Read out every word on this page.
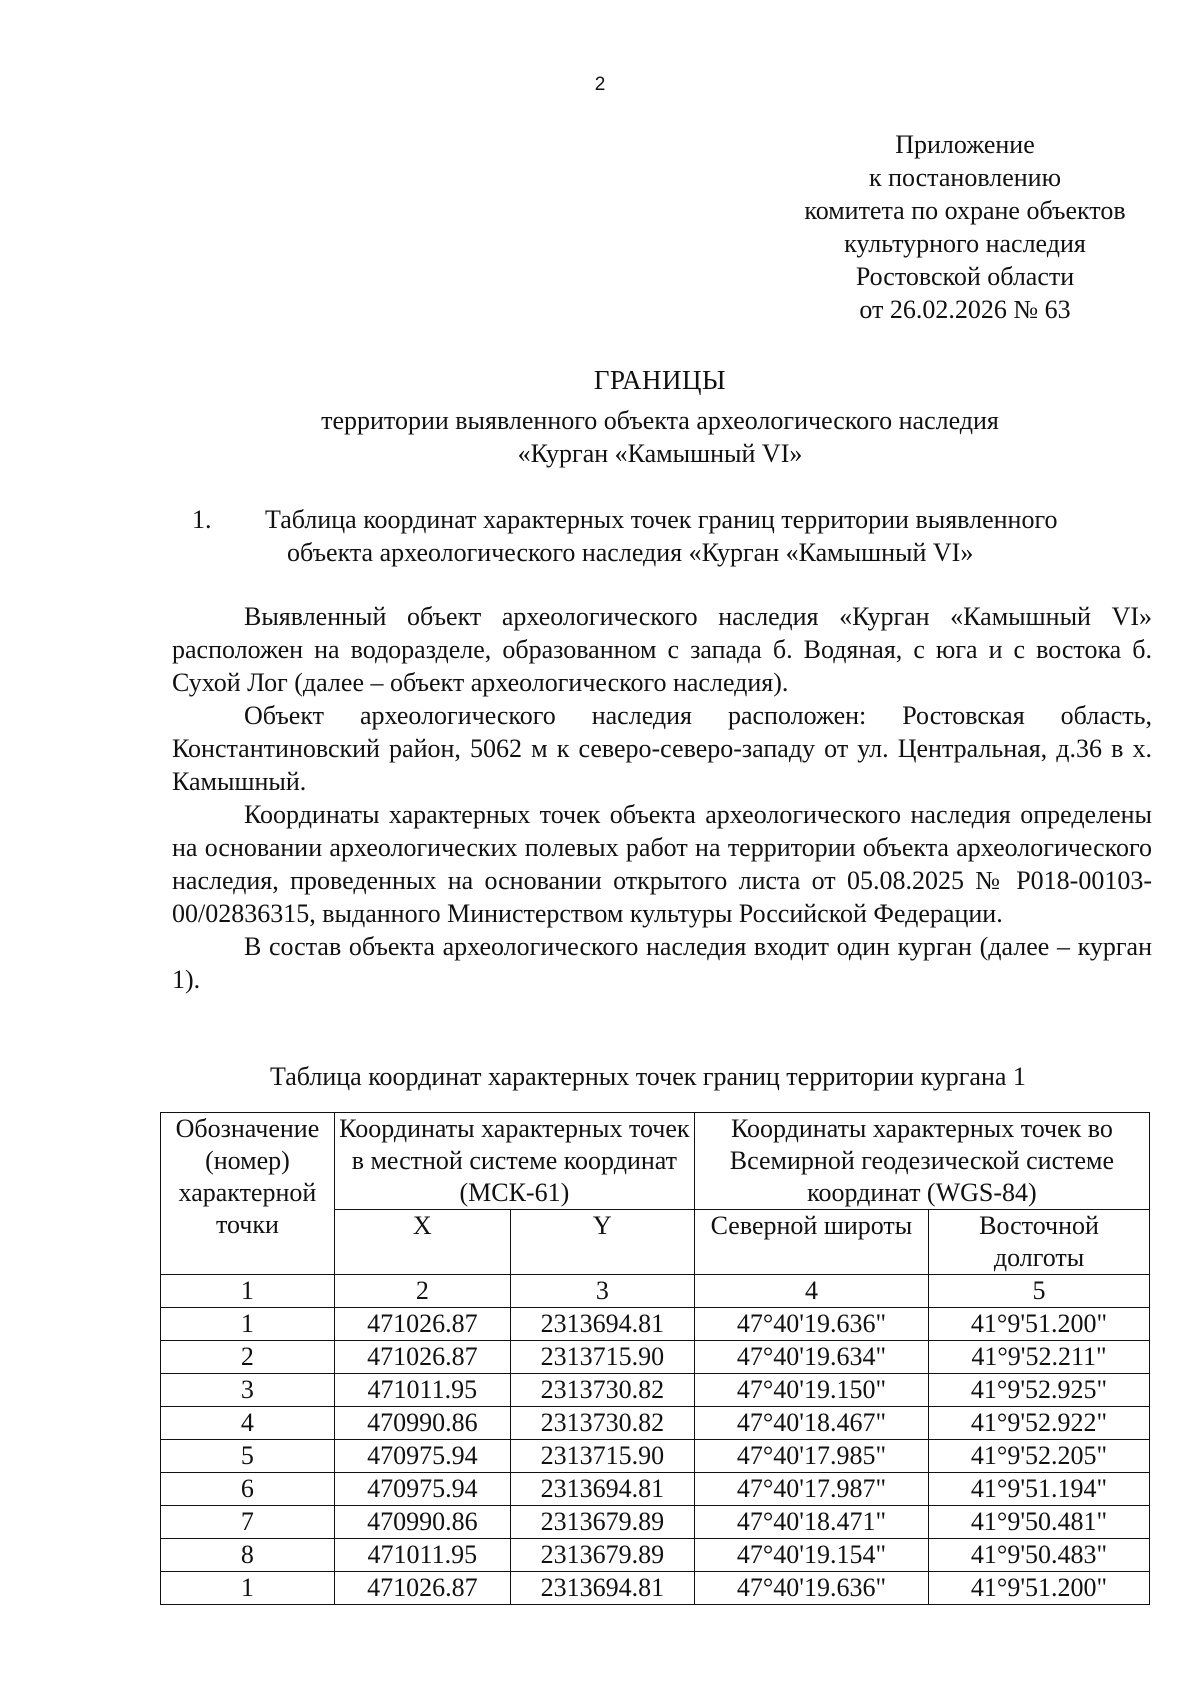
2
Приложение
к постановлению
комитета по охране объектов
культурного наследия
Ростовской области
от 26.02.2026 № 63
ГРАНИЦЫ
территории выявленного объекта археологического наследия
«Курган «Камышный VI»
1. Таблица координат характерных точек границ территории выявленного
объекта археологического наследия «Курган «Камышный VI»

Выявленный объект археологического наследия «Курган «Камышный VI» расположен на водоразделе, образованном с запада б. Водяная, с юга и с востока б. Сухой Лог (далее – объект археологического наследия).

Объект археологического наследия расположен: Ростовская область, Константиновский район, 5062 м к северо-северо-западу от ул. Центральная, д.36 в х. Камышный.

Координаты характерных точек объекта археологического наследия определены на основании археологических полевых работ на территории объекта археологического наследия, проведенных на основании открытого листа от 05.08.2025 № Р018-00103-00/02836315, выданного Министерством культуры Российской Федерации.

В состав объекта археологического наследия входит один курган (далее – курган 1).

Таблица координат характерных точек границ территории кургана 1
Обозначение (номер) характерной точки	Координаты характерных точек в местной системе координат (МСК-61)		Координаты характерных точек во Всемирной геодезической системе координат (WGS-84)	
	X	Y	Северной широты	Восточной долготы
1	2	3	4	5
1	471026.87	2313694.81	47°40'19.636"	41°9'51.200"
2	471026.87	2313715.90	47°40'19.634"	41°9'52.211"
3	471011.95	2313730.82	47°40'19.150"	41°9'52.925"
4	470990.86	2313730.82	47°40'18.467"	41°9'52.922"
5	470975.94	2313715.90	47°40'17.985"	41°9'52.205"
6	470975.94	2313694.81	47°40'17.987"	41°9'51.194"
7	470990.86	2313679.89	47°40'18.471"	41°9'50.481"
8	471011.95	2313679.89	47°40'19.154"	41°9'50.483"
1	471026.87	2313694.81	47°40'19.636"	41°9'51.200"
